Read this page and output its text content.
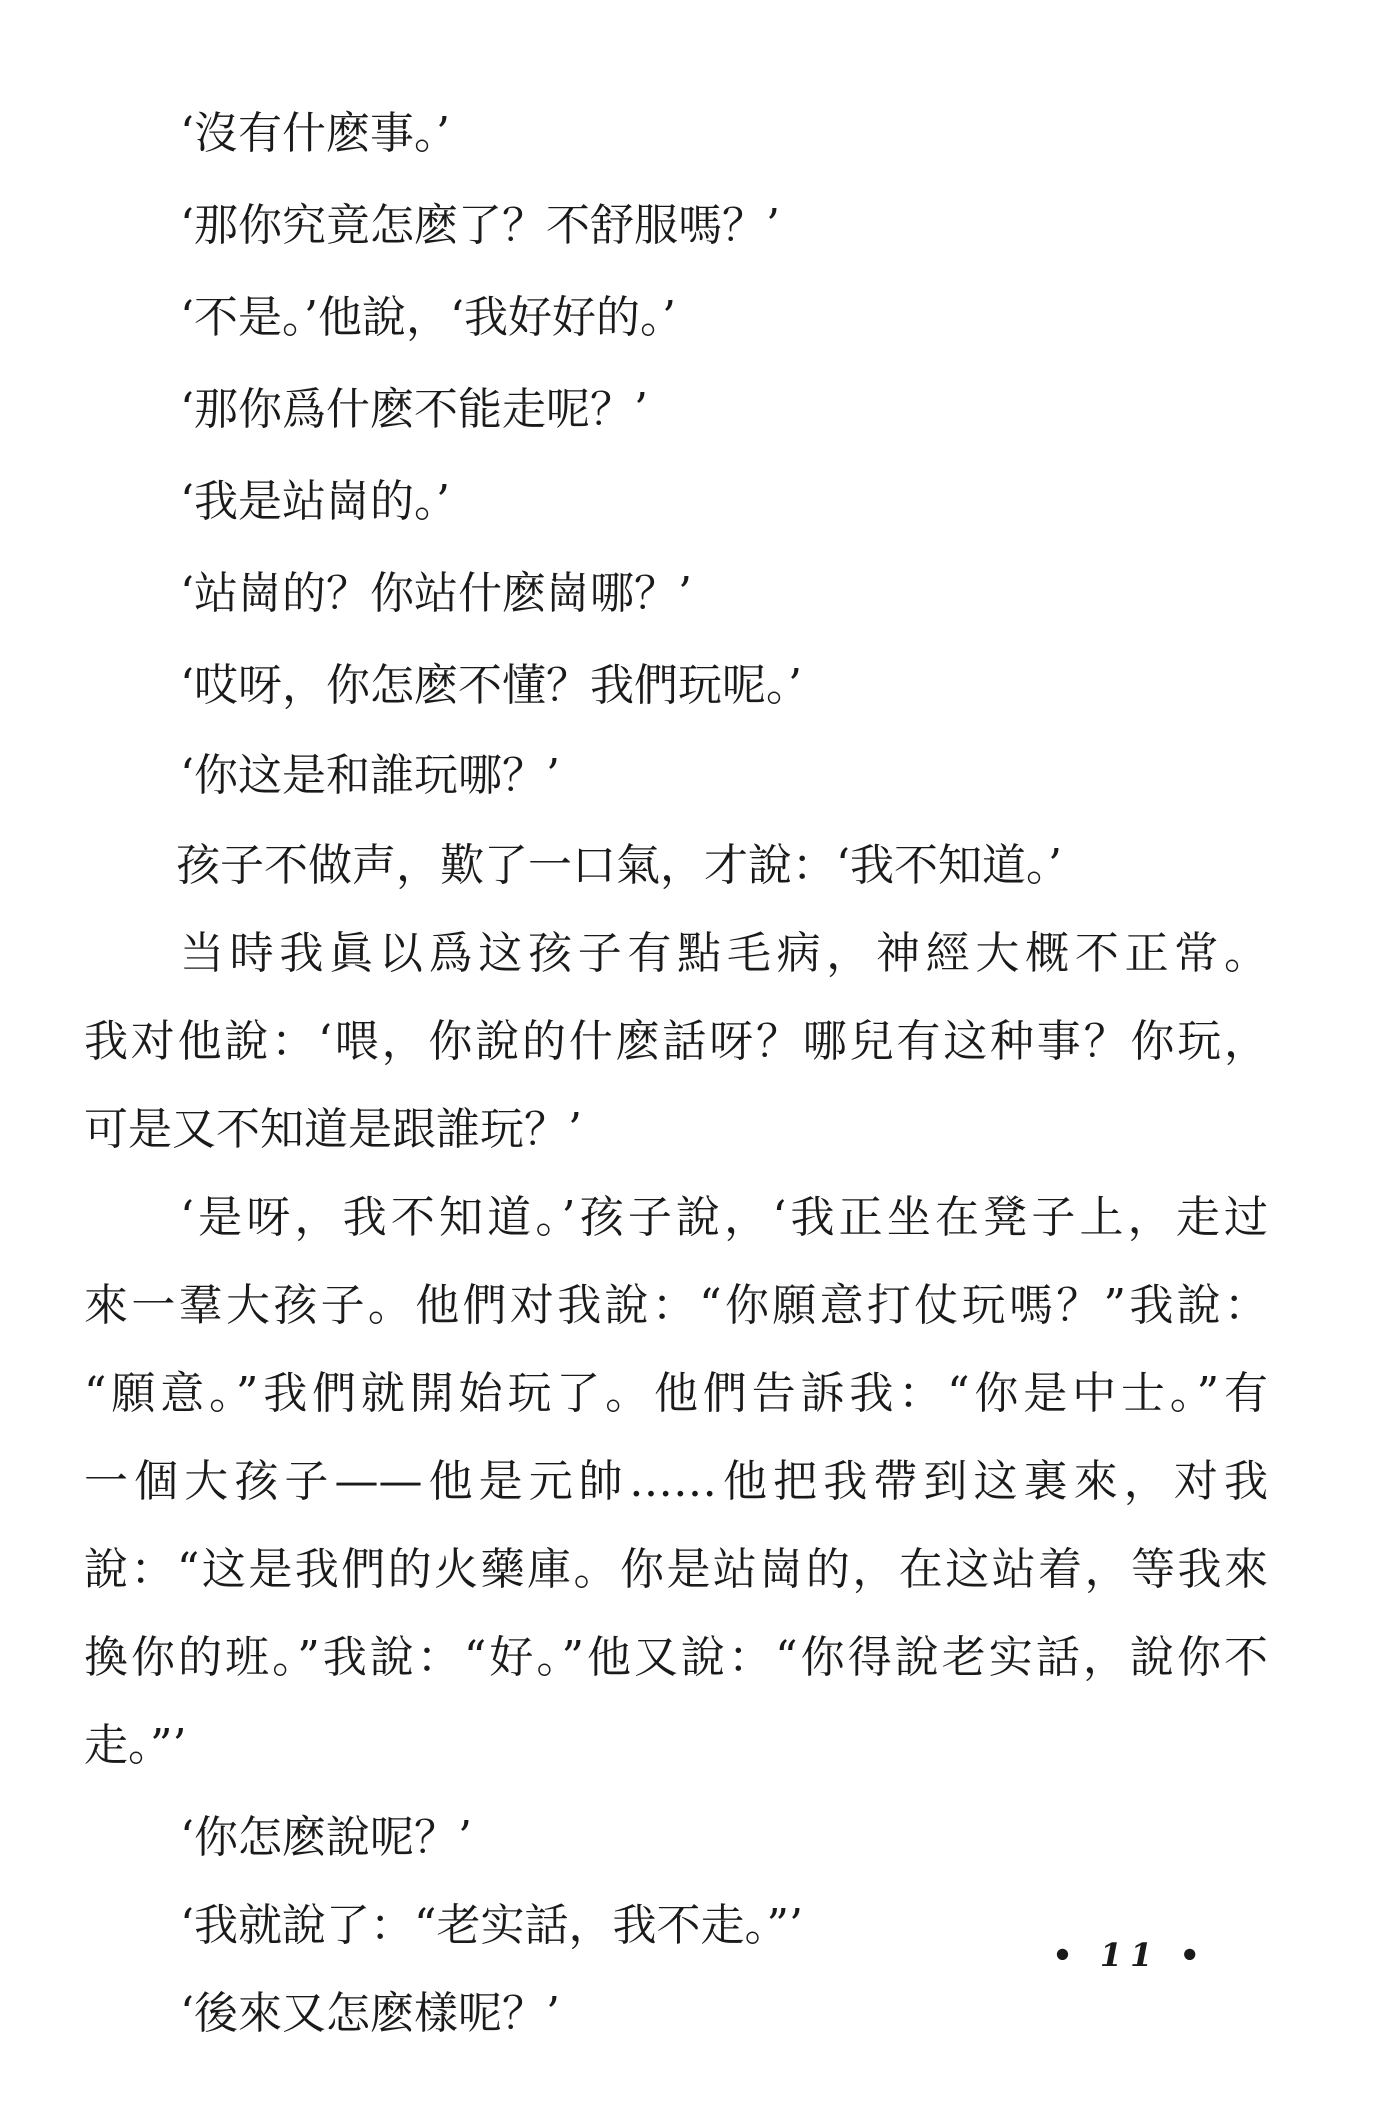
‘沒有什麽事。’
‘那你究竟怎麽了？不舒服嗎？’
‘不是。’他說，‘我好好的。’
‘那你爲什麽不能走呢？’
‘我是站崗的。’
‘站崗的？你站什麽崗哪？’
‘哎呀，你怎麽不懂？我們玩呢。’
‘你这是和誰玩哪？’
孩子不做声，歎了一口氣，才說：‘我不知道。’
当時我眞以爲这孩子有點毛病，神經大概不正常。
我对他說：‘喂，你說的什麽話呀？哪兒有这种事？你玩，
可是又不知道是跟誰玩？’
‘是呀，我不知道。’孩子說，‘我正坐在凳子上，走过
來一羣大孩子。他們对我說：“你願意打仗玩嗎？”我說：
“願意。”我們就開始玩了。他們告訴我：“你是中士。”有
一個大孩子——他是元帥……他把我帶到这裏來，对我
說：“这是我們的火藥庫。你是站崗的，在这站着，等我來
換你的班。”我說：“好。”他又說：“你得說老实話，說你不
走。”’
‘你怎麽說呢？’
‘我就說了：“老实話，我不走。”’
‘後來又怎麽樣呢？’
• 11 •
